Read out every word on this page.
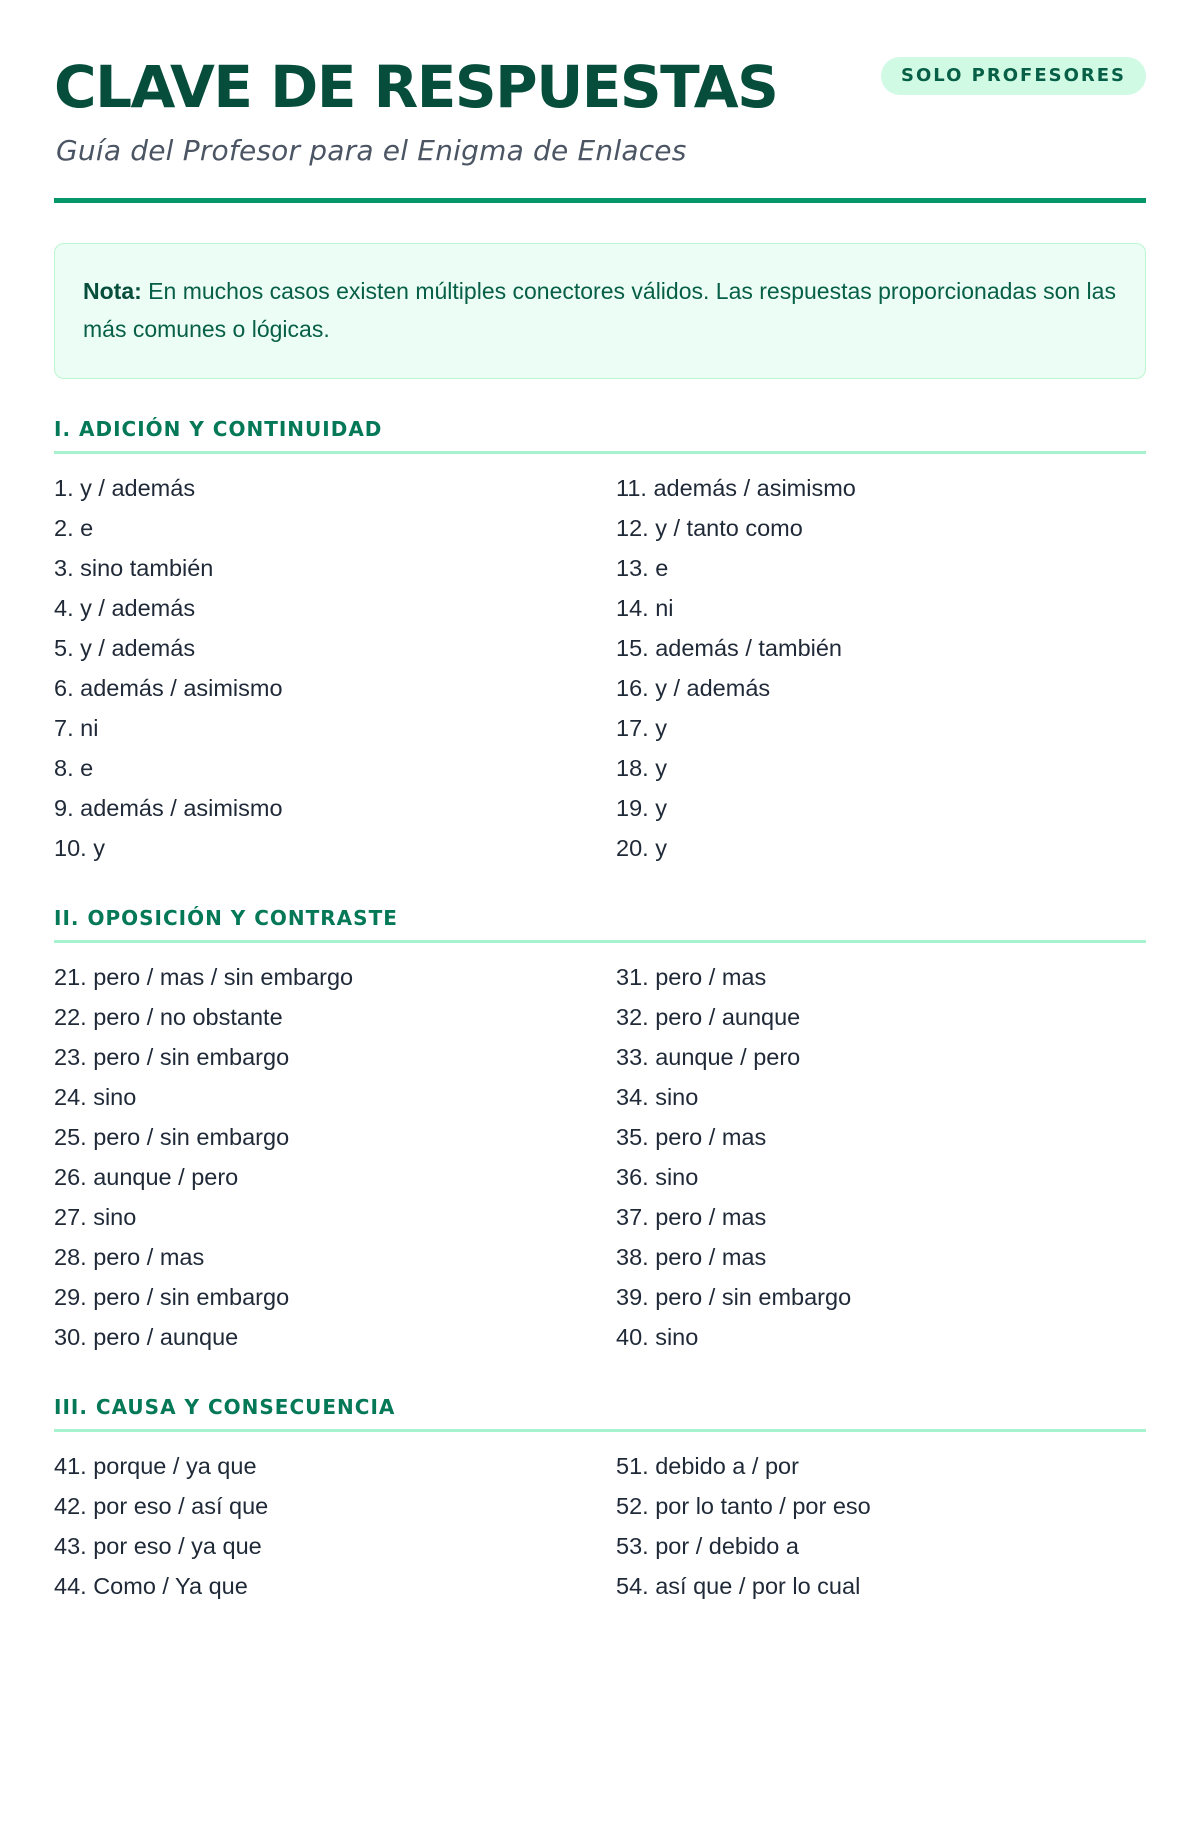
CLAVE DE RESPUESTAS
Guía del Profesor para el Enigma de Enlaces
SOLO PROFESORES
Nota: En muchos casos existen múltiples conectores válidos. Las respuestas proporcionadas son las más comunes o lógicas.
I. ADICIÓN Y CONTINUIDAD
1. y / además
2. e
3. sino también
4. y / además
5. y / además
6. además / asimismo
7. ni
8. e
9. además / asimismo
10. y
11. además / asimismo
12. y / tanto como
13. e
14. ni
15. además / también
16. y / además
17. y
18. y
19. y
20. y
II. OPOSICIÓN Y CONTRASTE
21. pero / mas / sin embargo
22. pero / no obstante
23. pero / sin embargo
24. sino
25. pero / sin embargo
26. aunque / pero
27. sino
28. pero / mas
29. pero / sin embargo
30. pero / aunque
31. pero / mas
32. pero / aunque
33. aunque / pero
34. sino
35. pero / mas
36. sino
37. pero / mas
38. pero / mas
39. pero / sin embargo
40. sino
III. CAUSA Y CONSECUENCIA
41. porque / ya que
42. por eso / así que
43. por eso / ya que
44. Como / Ya que
51. debido a / por
52. por lo tanto / por eso
53. por / debido a
54. así que / por lo cual
